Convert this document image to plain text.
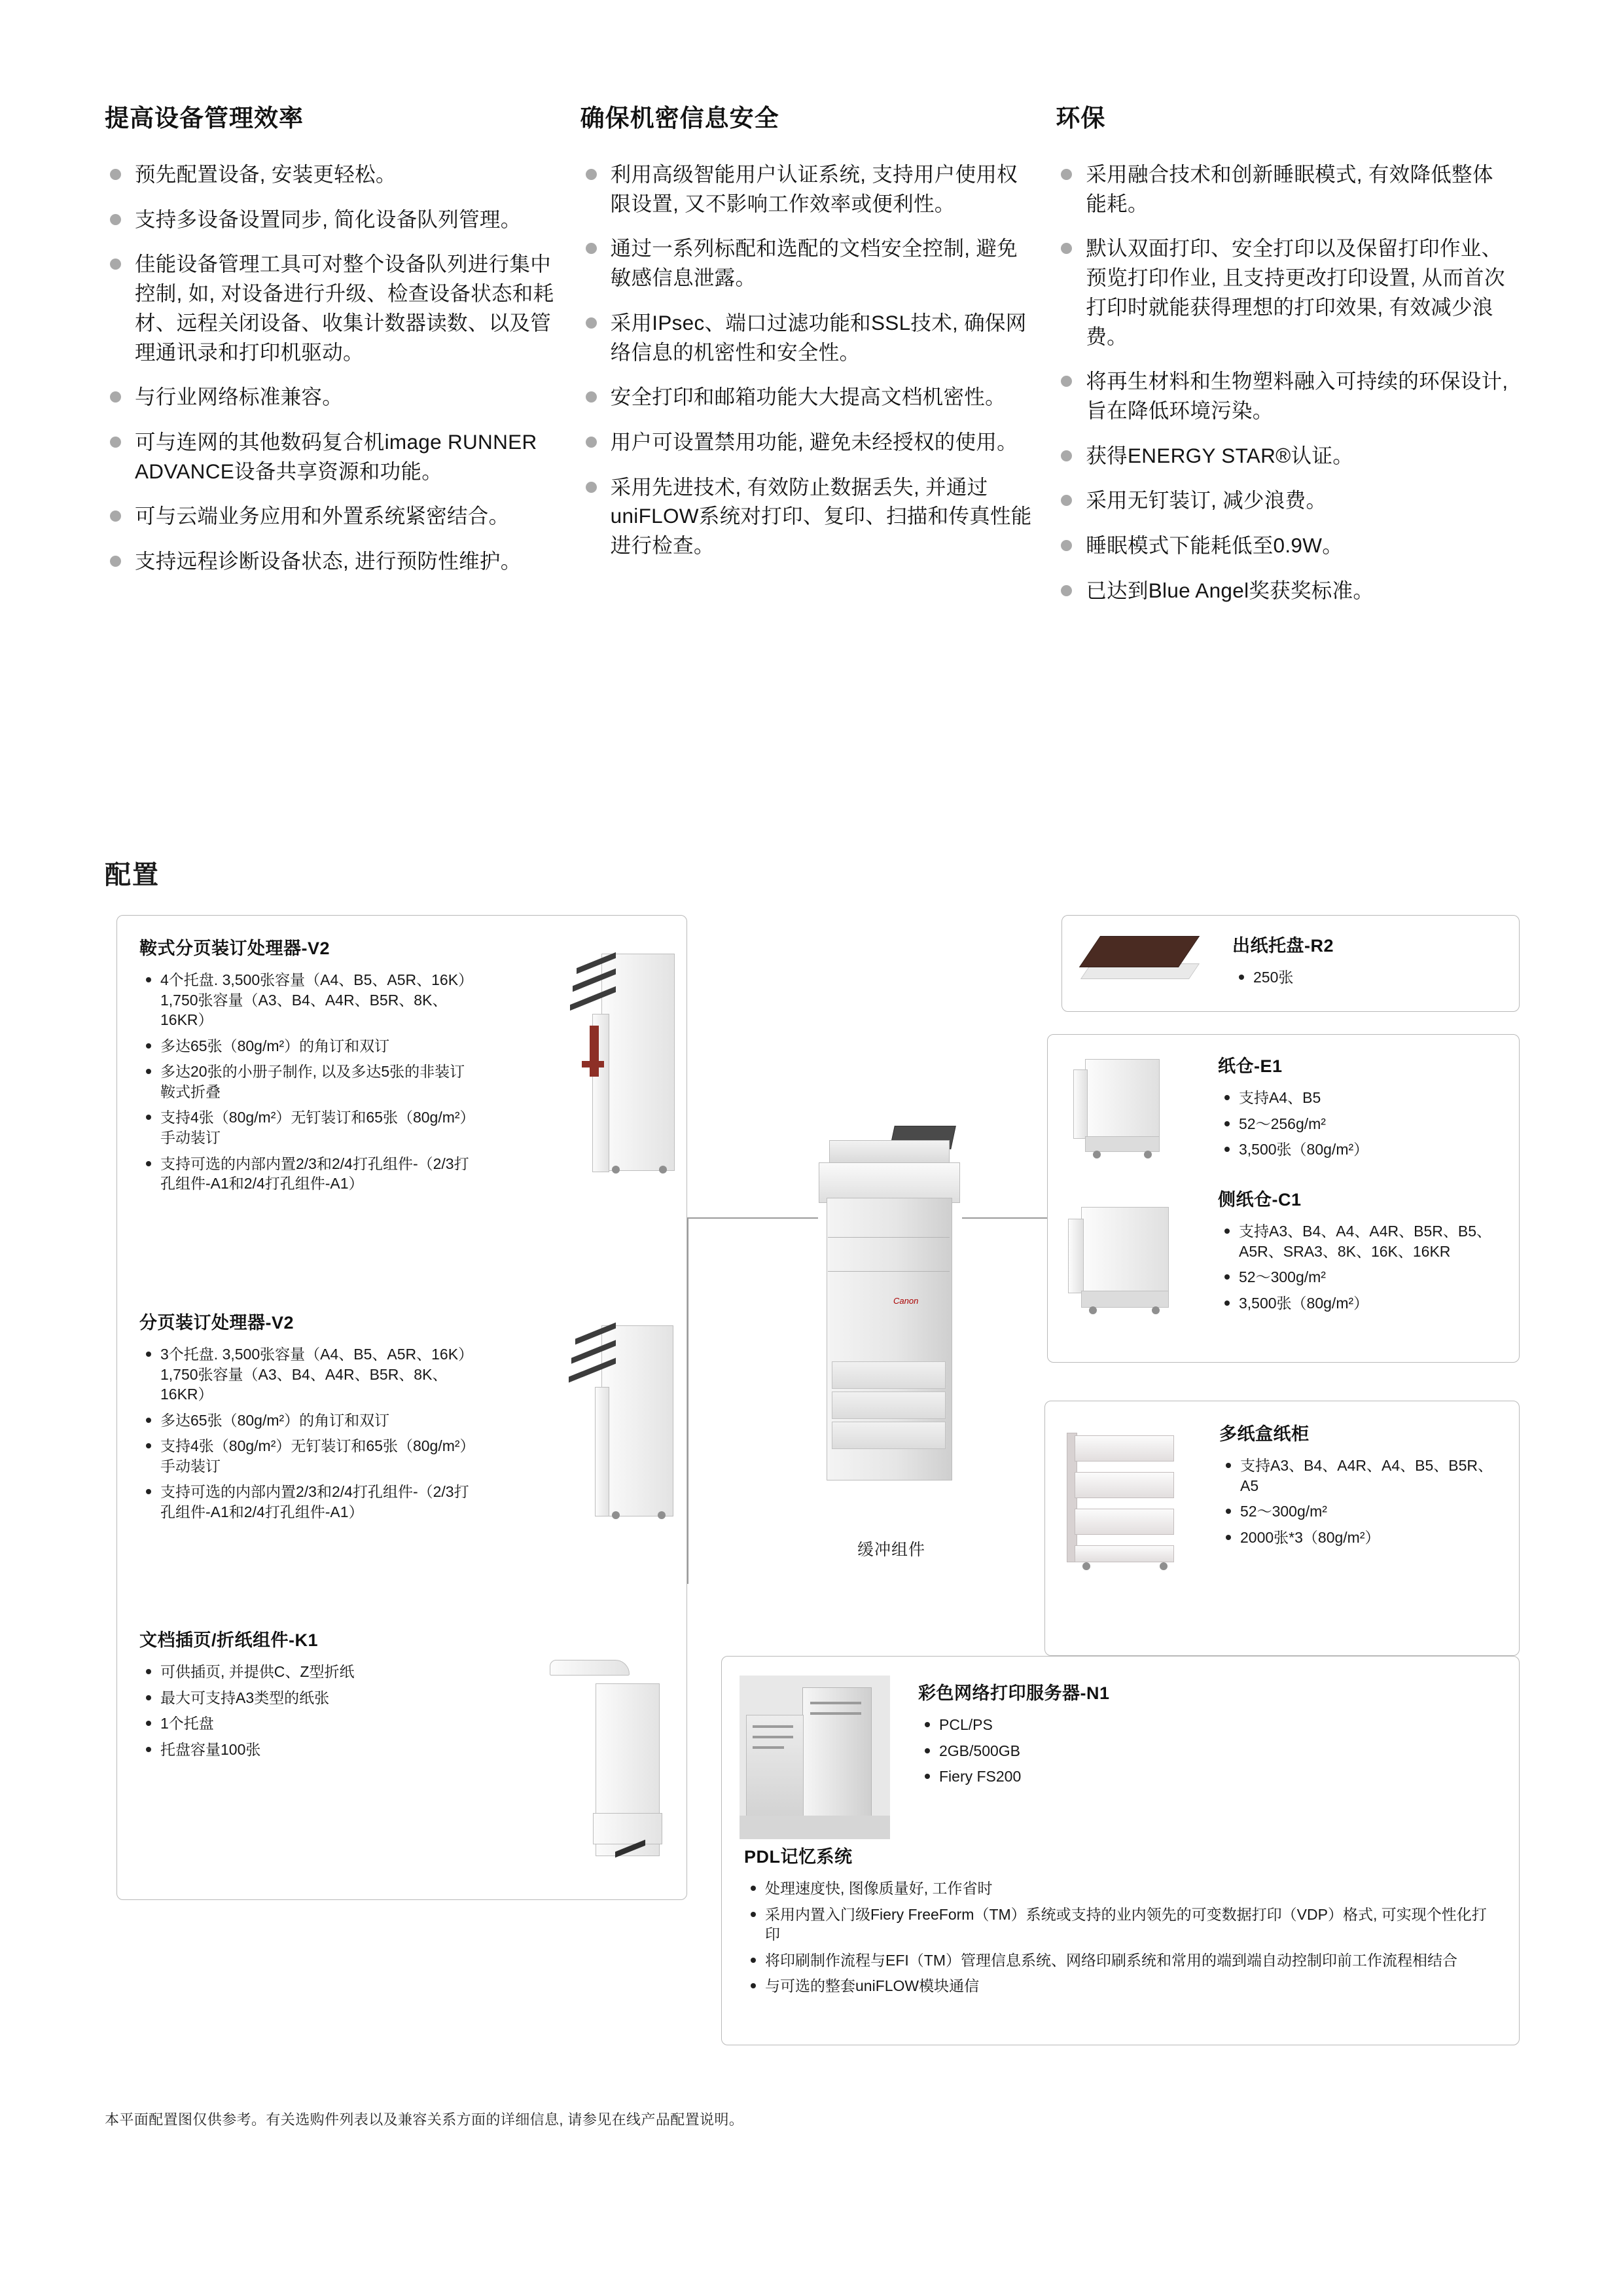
提高设备管理效率
预先配置设备, 安装更轻松。
支持多设备设置同步, 简化设备队列管理。
佳能设备管理工具可对整个设备队列进行集中控制, 如, 对设备进行升级、检查设备状态和耗材、远程关闭设备、收集计数器读数、以及管理通讯录和打印机驱动。
与行业网络标准兼容。
可与连网的其他数码复合机image RUNNER ADVANCE设备共享资源和功能。
可与云端业务应用和外置系统紧密结合。
支持远程诊断设备状态, 进行预防性维护。
确保机密信息安全
利用高级智能用户认证系统, 支持用户使用权限设置, 又不影响工作效率或便利性。
通过一系列标配和选配的文档安全控制, 避免敏感信息泄露。
采用IPsec、端口过滤功能和SSL技术, 确保网络信息的机密性和安全性。
安全打印和邮箱功能大大提高文档机密性。
用户可设置禁用功能, 避免未经授权的使用。
采用先进技术, 有效防止数据丢失, 并通过uniFLOW系统对打印、复印、扫描和传真性能进行检查。
环保
采用融合技术和创新睡眠模式, 有效降低整体能耗。
默认双面打印、安全打印以及保留打印作业、预览打印作业, 且支持更改打印设置, 从而首次打印时就能获得理想的打印效果, 有效减少浪费。
将再生材料和生物塑料融入可持续的环保设计, 旨在降低环境污染。
获得ENERGY STAR®认证。
采用无钉装订, 减少浪费。
睡眠模式下能耗低至0.9W。
已达到Blue Angel奖获奖标准。
配置
鞍式分页装订处理器-V2
4个托盘. 3,500张容量（A4、B5、A5R、16K）1,750张容量（A3、B4、A4R、B5R、8K、16KR）
多达65张（80g/m²）的角订和双订
多达20张的小册子制作, 以及多达5张的非装订鞍式折叠
支持4张（80g/m²）无钉装订和65张（80g/m²）手动装订
支持可选的内部内置2/3和2/4打孔组件-（2/3打孔组件-A1和2/4打孔组件-A1）
分页装订处理器-V2
3个托盘. 3,500张容量（A4、B5、A5R、16K）1,750张容量（A3、B4、A4R、B5R、8K、16KR）
多达65张（80g/m²）的角订和双订
支持4张（80g/m²）无钉装订和65张（80g/m²）手动装订
支持可选的内部内置2/3和2/4打孔组件-（2/3打孔组件-A1和2/4打孔组件-A1）
文档插页/折纸组件-K1
可供插页, 并提供C、Z型折纸
最大可支持A3类型的纸张
1个托盘
托盘容量100张
Canon
缓冲组件
出纸托盘-R2
250张
纸仓-E1
支持A4、B5
52～256g/m²
3,500张（80g/m²）
侧纸仓-C1
支持A3、B4、A4、A4R、B5R、B5、A5R、SRA3、8K、16K、16KR
52～300g/m²
3,500张（80g/m²）
多纸盒纸柜
支持A3、B4、A4R、A4、B5、B5R、A5
52～300g/m²
2000张*3（80g/m²）
彩色网络打印服务器-N1
PCL/PS
2GB/500GB
Fiery FS200
PDL记忆系统
处理速度快, 图像质量好, 工作省时
采用内置入门级Fiery FreeForm（TM）系统或支持的业内领先的可变数据打印（VDP）格式, 可实现个性化打印
将印刷制作流程与EFI（TM）管理信息系统、网络印刷系统和常用的端到端自动控制印前工作流程相结合
与可选的整套uniFLOW模块通信
本平面配置图仅供参考。有关选购件列表以及兼容关系方面的详细信息, 请参见在线产品配置说明。
